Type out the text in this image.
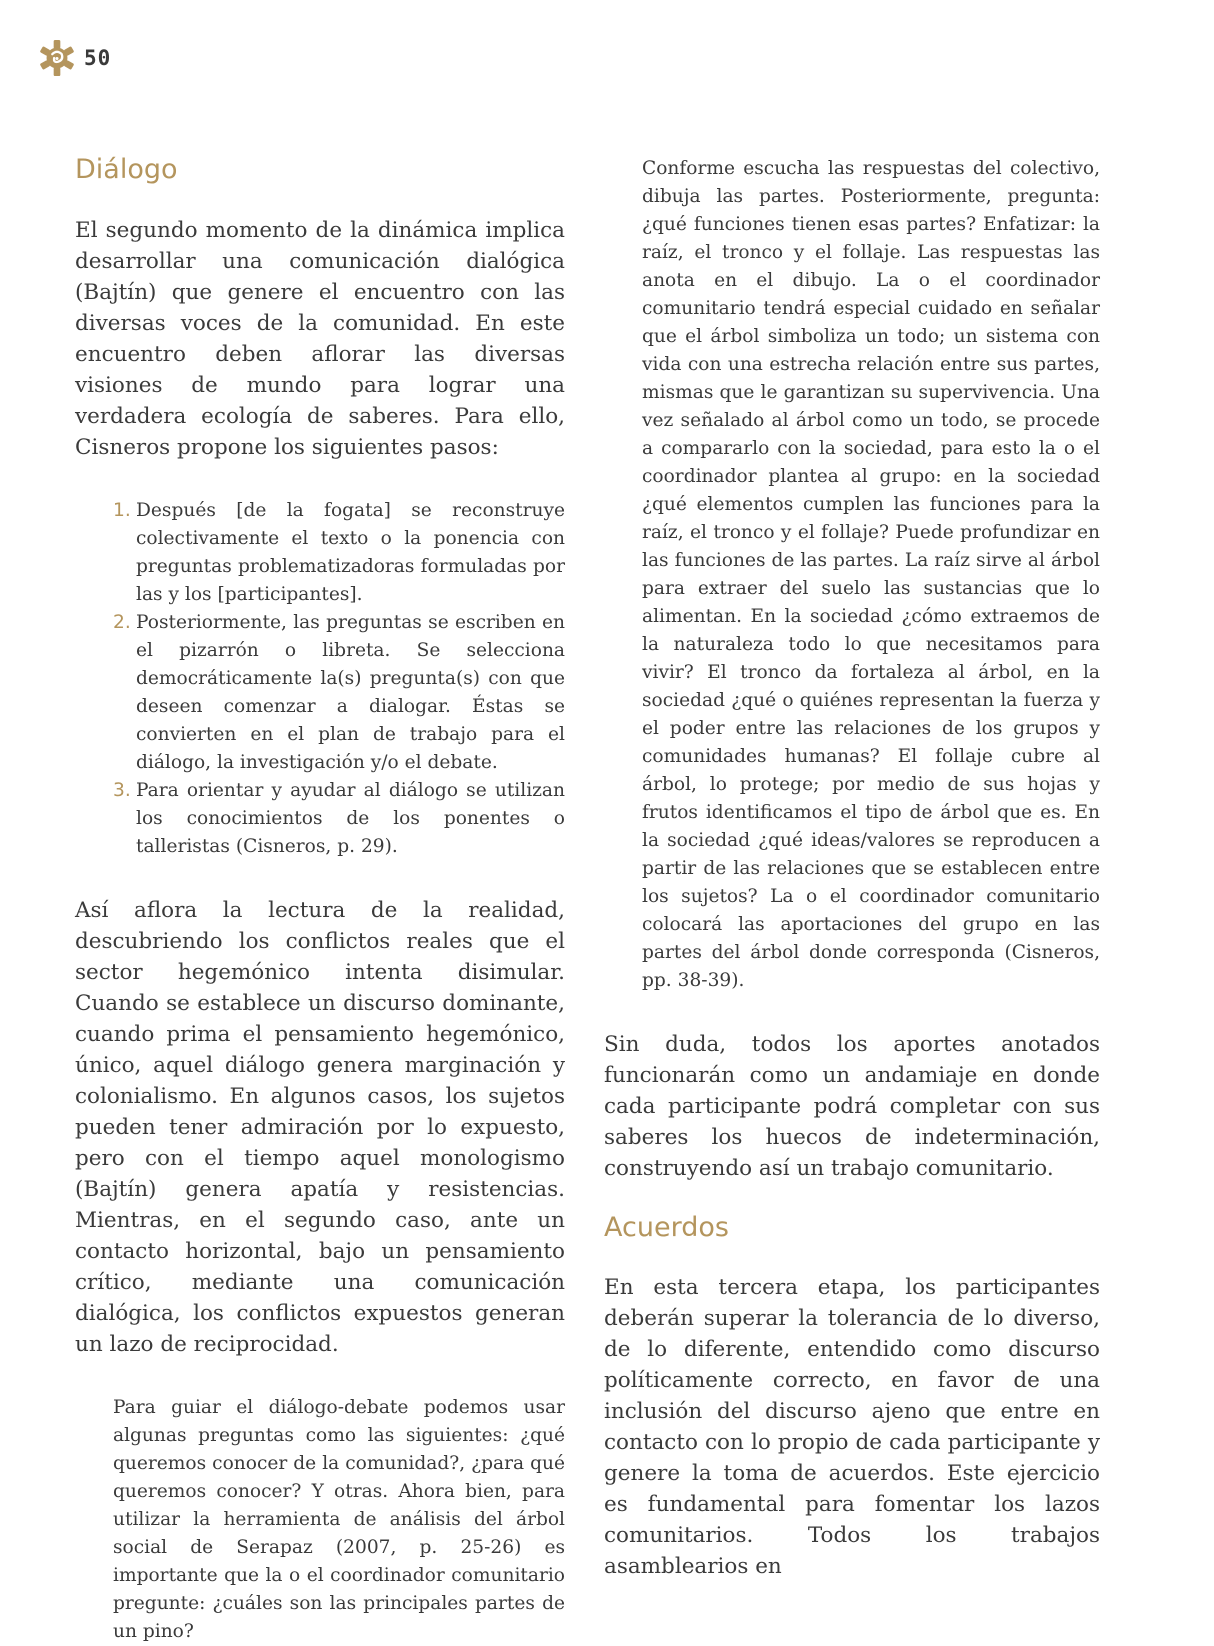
50
Diálogo

El segundo momento de la dinámica implica desarrollar una comunicación dialógica (Bajtín) que genere el encuentro con las diversas voces de la comunidad. En este encuentro deben aflorar las diversas visiones de mundo para lograr una verdadera ecología de saberes. Para ello, Cisneros propone los siguientes pasos:

1. Después [de la fogata] se reconstruye colectivamente el texto o la ponencia con preguntas problematizadoras formuladas por las y los [participantes].
2. Posteriormente, las preguntas se escriben en el pizarrón o libreta. Se selecciona democráticamente la(s) pregunta(s) con que deseen comenzar a dialogar. Éstas se convierten en el plan de trabajo para el diálogo, la investigación y/o el debate.
3. Para orientar y ayudar al diálogo se utilizan los conocimientos de los ponentes o talleristas (Cisneros, p. 29).

Así aflora la lectura de la realidad, descubriendo los conflictos reales que el sector hegemónico intenta disimular. Cuando se establece un discurso dominante, cuando prima el pensamiento hegemónico, único, aquel diálogo genera marginación y colonialismo. En algunos casos, los sujetos pueden tener admiración por lo expuesto, pero con el tiempo aquel monologismo (Bajtín) genera apatía y resistencias. Mientras, en el segundo caso, ante un contacto horizontal, bajo un pensamiento crítico, mediante una comunicación dialógica, los conflictos expuestos generan un lazo de reciprocidad.

Para guiar el diálogo-debate podemos usar algunas preguntas como las siguientes: ¿qué queremos conocer de la comunidad?, ¿para qué queremos conocer? Y otras. Ahora bien, para utilizar la herramienta de análisis del árbol social de Serapaz (2007, p. 25-26) es importante que la o el coordinador comunitario pregunte: ¿cuáles son las principales partes de un pino?

Conforme escucha las respuestas del colectivo, dibuja las partes. Posteriormente, pregunta: ¿qué funciones tienen esas partes? Enfatizar: la raíz, el tronco y el follaje. Las respuestas las anota en el dibujo. La o el coordinador comunitario tendrá especial cuidado en señalar que el árbol simboliza un todo; un sistema con vida con una estrecha relación entre sus partes, mismas que le garantizan su supervivencia. Una vez señalado al árbol como un todo, se procede a compararlo con la sociedad, para esto la o el coordinador plantea al grupo: en la sociedad ¿qué elementos cumplen las funciones para la raíz, el tronco y el follaje? Puede profundizar en las funciones de las partes. La raíz sirve al árbol para extraer del suelo las sustancias que lo alimentan. En la sociedad ¿cómo extraemos de la naturaleza todo lo que necesitamos para vivir? El tronco da fortaleza al árbol, en la sociedad ¿qué o quiénes representan la fuerza y el poder entre las relaciones de los grupos y comunidades humanas? El follaje cubre al árbol, lo protege; por medio de sus hojas y frutos identificamos el tipo de árbol que es. En la sociedad ¿qué ideas/valores se reproducen a partir de las relaciones que se establecen entre los sujetos? La o el coordinador comunitario colocará las aportaciones del grupo en las partes del árbol donde corresponda (Cisneros, pp. 38-39).

Sin duda, todos los aportes anotados funcionarán como un andamiaje en donde cada participante podrá completar con sus saberes los huecos de indeterminación, construyendo así un trabajo comunitario.

Acuerdos

En esta tercera etapa, los participantes deberán superar la tolerancia de lo diverso, de lo diferente, entendido como discurso políticamente correcto, en favor de una inclusión del discurso ajeno que entre en contacto con lo propio de cada participante y genere la toma de acuerdos. Este ejercicio es fundamental para fomentar los lazos comunitarios. Todos los trabajos asamblearios en
